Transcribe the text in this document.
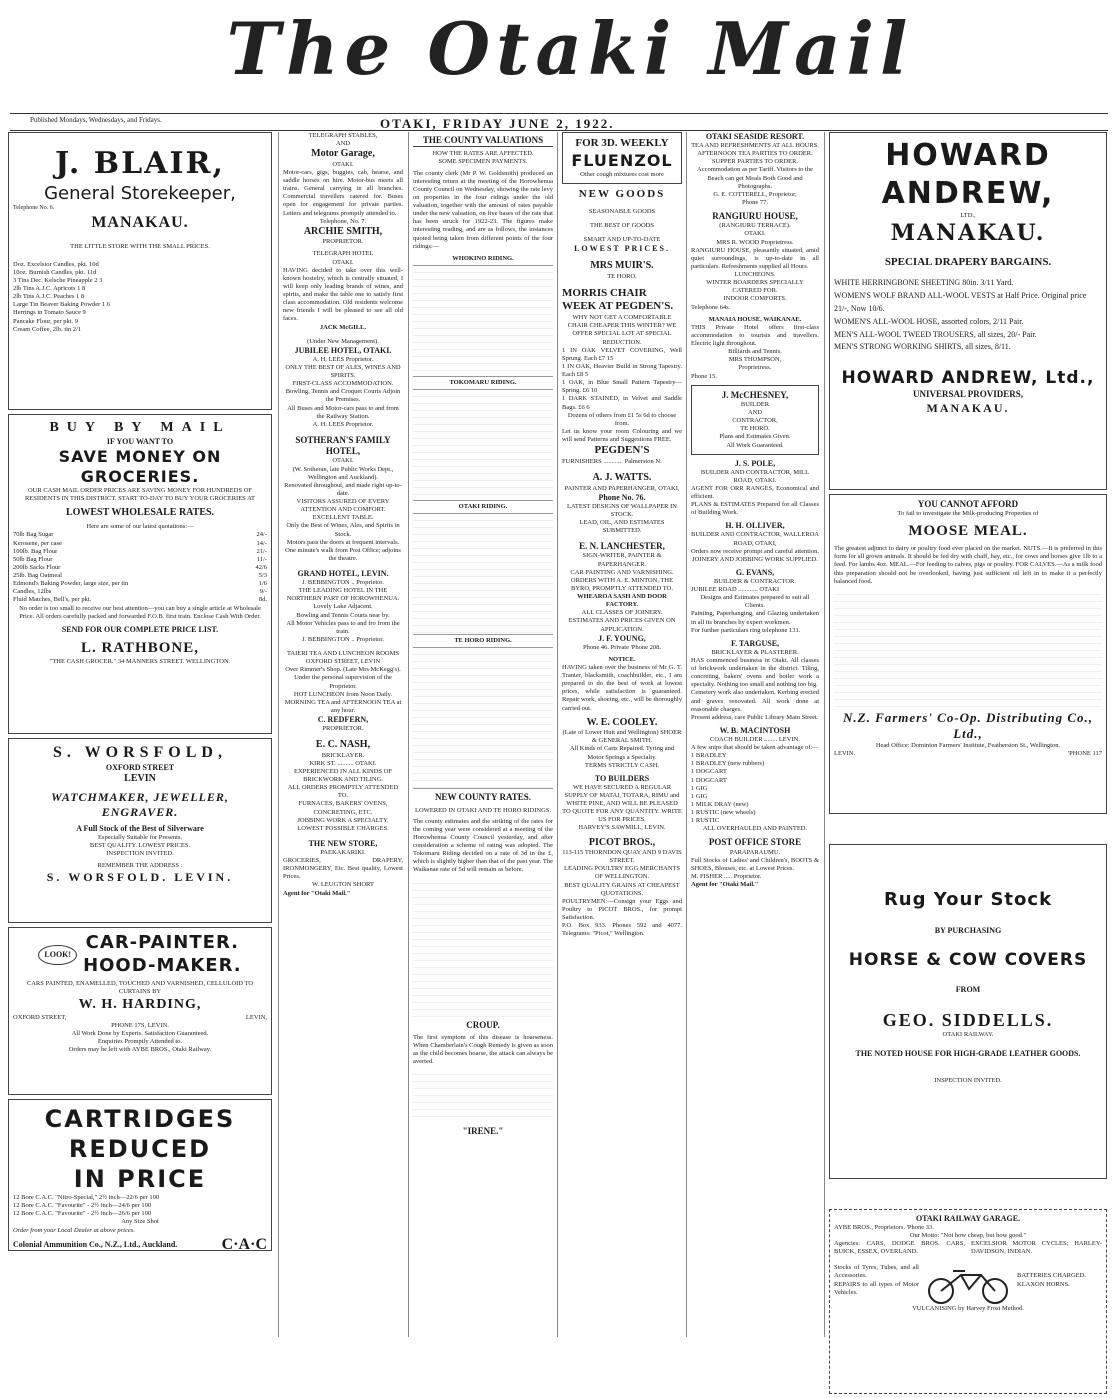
The Otaki Mail
Published Mondays, Wednesdays, and Fridays.	OTAKI, FRIDAY JUNE 2, 1922.
J. BLAIR,
General Storekeeper,
Telephone No. 6.
MANAKAU.
THE LITTLE STORE WITH THE SMALL PRICES.
Doz. Excelsior Candles, pkt. 10d
10oz. Burnish Candles, pkt. 11d
3 Tins Dec. Kelsche Pineapple 2 3
2lb Tins A.J.C. Apricots 1 8
2lb Tins A.J.C. Peaches 1 8
Large Tin Beaver Baking Powder 1 6
Herrings in Tomato Sauce 9
Pancake Flour, per pkt. 9
Cream Coffee, 2lb. tin 2/1
BUY BY MAIL
IF YOU WANT TO
SAVE MONEY ON
GROCERIES.
OUR CASH MAIL ORDER PRICES ARE SAVING MONEY FOR HUNDREDS OF RESIDENTS IN THIS DISTRICT. START TO-DAY TO BUY YOUR GROCERIES AT
LOWEST WHOLESALE RATES.
Here are some of our latest quotations:—
70lb Bag Sugar	24/-
Kerosene, per case	14/-
100lb. Bag Flour	21/-
50lb Bag Flour	11/-
200lb Sacks Flour	42/6
25lb. Bag Oatmeal	5/3
Edmond's Baking Powder, large size, per tin	1/6
Candles, 12lbs	9/-
Fluid Matches, Bell's, per pkt.	8d.
No order is too small to receive our best attention—you can buy a single article at Wholesale Price. All orders carefully packed and forwarded F.O.B. first train. Enclose Cash With Order.
SEND FOR OUR COMPLETE PRICE LIST.
L. RATHBONE,
"THE CASH GROCER." 34 MANNERS STREET. WELLINGTON.
S. WORSFOLD,
OXFORD STREET
LEVIN
WATCHMAKER, JEWELLER, ENGRAVER.
A Full Stock of the Best of Silverware
Especially Suitable for Presents.
BEST QUALITY. LOWEST PRICES.
INSPECTION INVITED.
REMEMBER THE ADDRESS :
S. WORSFOLD. LEVIN.
LOOK!
CAR-PAINTER.
HOOD-MAKER.
CARS PAINTED, ENAMELLED, TOUCHED AND VARNISHED, CELLULOID TO CURTAINS BY
W. H. HARDING,
OXFORD STREET,	LEVIN,
PHONE 17S, LEVIN.
All Work Done by Experts. Satisfaction Guaranteed.
Enquiries Promptly Attended to.
Orders may be left with AYBE BROS., Otaki Railway.
CARTRIDGES
REDUCED
IN PRICE
12 Bore C.A.C. "Nitro-Special," 2½ inch—22/6 per 100
12 Bore C.A.C. "Favourite" - 2½ inch—24/6 per 100
12 Bore C.A.C. "Favourite" - 2½ inch—26/6 per 100
Any Size Shot
Order from your Local Dealer at above prices.
Colonial Ammunition Co., N.Z., Ltd., Auckland.	C·A·C
TELEGRAPH STABLES,
AND
Motor Garage,
OTAKI.
Motor-cars, gigs, buggies, cab, hearse, and saddle horses on hire. Motor-bus meets all trains. General carrying in all branches. Commercial travellers catered for. Buses open for engagement for private parties. Letters and telegrams promptly attended to.
Telephone, No. 7.
ARCHIE SMITH,
PROPRIETOR.
TELEGRAPH HOTEL
OTAKI.
HAVING decided to take over this well-known hostelry, which is centrally situated, I will keep only leading brands of wines, and spirits, and make the table one to satisfy first class accommodation. Old residents welcome new friends I will be pleased to see all old faces.
JACK McGILL.
(Under New Management).
JUBILEE HOTEL, OTAKI.
A. H. LEES Proprietor.
ONLY THE BEST OF ALES, WINES AND SPIRITS.
FIRST-CLASS ACCOMMODATION.
Bowling, Tennis and Croquet Courts Adjoin the Premises.
All Buses and Motor-cars pass to and from the Railway Station.
A. H. LEES Proprietor.
SOTHERAN'S FAMILY HOTEL,
OTAKI.
(W. Sotheran, late Public Works Dept., Wellington and Auckland).
Renovated throughout, and made right up-to-date.
VISITORS ASSURED OF EVERY ATTENTION AND COMFORT.
EXCELLENT TABLE.
Only the Best of Wines, Ales, and Spirits in Stock.
Motors pass the doors at frequent intervals.
One minute's walk from Post Office; adjoins the theatre.
GRAND HOTEL, LEVIN.
J. BEBBINGTON .. Proprietor.
THE LEADING HOTEL IN THE NORTHERN PART OF HOROWHENUA.
Lovely Lake Adjacent.
Bowling and Tennis Courts near by.
All Motor Vehicles pass to and fro from the train.
J. BEBBINGTON .. Proprietor.
TAIERI TEA AND LUNCHEON ROOMS
OXFORD STREET, LEVIN
Over Rimmer's Shop. (Late Mrs McKegg's).
Under the personal supervision of the Proprietor.
HOT LUNCHEON from Noon Daily. MORNING TEA and AFTERNOON TEA at any hour.
C. REDFERN,
PROPRIETOR.
E. C. NASH,
BRICKLAYER.
KIRK ST. .......... OTAKI.
EXPERIENCED IN ALL KINDS OF BRICKWORK AND TILING.
ALL ORDERS PROMPTLY ATTENDED TO.
FURNACES, BAKERS' OVENS, CONCRETING, ETC.
JOBBING WORK A SPECIALTY.
LOWEST POSSIBLE CHARGES.
THE NEW STORE,
PAEKAKARIKI.
GROCERIES, DRAPERY, IRONMONGERY, Etc. Best quality, Lowest Prices.
W. LEUGTON SHORT
Agent for "Otaki Mail."
THE COUNTY VALUATIONS
HOW THE RATES ARE AFFECTED.
SOME SPECIMEN PAYMENTS.
The county clerk (Mr P. W. Goldsmith) produced an interesting return at the meeting of the Horowhenua County Council on Wednesday, showing the rate levy on properties in the four ridings under the old valuation, together with the amount of rates payable under the new valuation, on five bases of the rate that has been struck for 1922-23. The figures make interesting reading, and are as follows, the instances quoted being taken from different points of the four ridings:—
WHOKINO RIDING.
TOKOMARU RIDING.
OTAKI RIDING.
TE HORO RIDING.
NEW COUNTY RATES.
LOWERED IN OTAKI AND TE HORO RIDINGS.
The county estimates and the striking of the rates for the coming year were considered at a meeting of the Horowhenua County Council yesterday, and after consideration a scheme of rating was adopted. The Tokomaru Riding decided on a rate of 3d in the £, which is slightly higher than that of the past year. The Waikanae rate of 5d will remain as before.
CROUP.
The first symptom of this disease is hoarseness. When Chamberlain's Cough Remedy is given as soon as the child becomes hoarse, the attack can always be averted.
"IRENE."
FOR 3D. WEEKLY
FLUENZOL
Other cough mixtures cost more
NEW GOODS
SEASONABLE GOODS
THE BEST OF GOODS
SMART AND UP-TO-DATE
LOWEST PRICES.
MRS MUIR'S.
TE HORO.
MORRIS CHAIR WEEK AT PEGDEN'S.
WHY NOT GET A COMFORTABLE CHAIR CHEAPER THIS WINTER? WE OFFER SPECIAL LOT AT SPECIAL REDUCTION.
1 IN OAK VELVET COVERING, Well Sprung. Each £7 15
1 IN OAK, Heavier Build in Strong Tapestry. Each £8 5
1 OAK, in Blue Small Pattern Tapestry—Spring. £6 10
1 DARK STAINED, in Velvet and Saddle Bags. £6 6
Dozens of others from £1 5s 6d to choose from.
Let us know your room Colouring and we will send Patterns and Suggestions FREE.
PEGDEN'S
FURNISHERS ............ Palmerston N.
A. J. WATTS.
PAINTER AND PAPERHANGER, OTAKI,
Phone No. 76.
LATEST DESIGNS OF WALLPAPER IN STOCK.
LEAD, OIL, AND ESTIMATES SUBMITTED.
E. N. LANCHESTER,
SIGN-WRITER, PAINTER & PAPERHANGER.
CAR PAINTING AND VARNISHING.
ORDERS WITH A. E. MINTON, THE BYRO, PROMPTLY ATTENDED TO.
WHEAROA SASH AND DOOR FACTORY.
ALL CLASSES OF JOINERY.
ESTIMATES AND PRICES GIVEN ON APPLICATION.
J. F. YOUNG,
Phone 46. Private 'Phone 208.
NOTICE.
HAVING taken over the business of Mr G. T. Tranter, blacksmith, coachbuilder, etc., I am prepared to do the best of work at lowest prices, while satisfaction is guaranteed. Repair work, shoeing, etc., will be thoroughly carried out.
W. E. COOLEY.
(Late of Lower Hutt and Wellington) SHOER & GENERAL SMITH.
All Kinds of Carts Repaired. Tyring and Motor Springs a Specialty.
TERMS STRICTLY CASH.
TO BUILDERS
WE HAVE SECURED A REGULAR SUPPLY OF MATAI, TOTARA, RIMU and WHITE PINE, AND WILL BE PLEASED TO QUOTE FOR ANY QUANTITY. WRITE US FOR PRICES.
HARVEY'S SAWMILL, LEVIN.
PICOT BROS.,
113-115 THORNDON QUAY AND 9 DAVIS STREET.
LEADING POULTRY EGG MERCHANTS OF WELLINGTON.
BEST QUALITY GRAINS AT CHEAPEST QUOTATIONS.
POULTRYMEN:—Consign your Eggs and Poultry to PICOT BROS., for prompt Satisfaction.
P.O. Box 933. Phones 592 and 4077. Telegrams: "Picot," Wellington.
OTAKI SEASIDE RESORT.
TEA AND REFRESHMENTS AT ALL HOURS.
AFTERNOON TEA PARTIES TO ORDER.
SUPPER PARTIES TO ORDER.
Accommodation as per Tariff. Visitors to the Beach can get Meals Both Good and Photographs.
G. E. COTTERELL, Proprietor,
Phone 77.
RANGIURU HOUSE,
(RANGIURU TERRACE).
OTAKI.
MRS R. WOOD Proprietress.
RANGIURU HOUSE, pleasantly situated, amid quiet surroundings, is up-to-date in all particulars. Refreshments supplied all Hours.
LUNCHEONS.
WINTER BOARDERS SPECIALLY CATERED FOR.
INDOOR COMFORTS.
Telephone 64s.
MANAIA HOUSE, WAIKANAE.
THIS Private Hotel offers first-class accommodation to tourists and travellers. Electric light throughout.
Billiards and Tennis.
MRS THOMPSON,
Proprietress.
Phone 15.
J. McCHESNEY,
BUILDER
AND
CONTRACTOR,
TE HORO.
Plans and Estimates Given.
All Work Guaranteed.
J. S. POLE,
BUILDER AND CONTRACTOR, MILL ROAD, OTAKI.
AGENT FOR ORR RANGES, Economical and efficient.
PLANS & ESTIMATES Prepared for all Classes of Building Work.
H. H. OLLIVER,
BUILDER AND CONTRACTOR, WALLEROA ROAD, OTAKI,
Orders now receive prompt and careful attention.
JOINERY AND JOBBING WORK SUPPLIED.
G. EVANS,
BUILDER & CONTRACTOR.
JUBILEE ROAD ............ OTAKI
Designs and Estimates prepared to suit all Clients.
Painting, Paperhanging, and Glazing undertaken in all its branches by expert workmen.
For further particulars ring telephone 131.
F. TARGUSE,
BRICKLAYER & PLASTERER.
HAS commenced business in Otaki. All classes of brickwork undertaken in the district. Tiling, concreting, bakers' ovens and boiler work a specialty. Nothing too small and nothing too big.
Cemetery work also undertaken. Kerbing erected and graves renovated. All work done at reasonable charges.
Present address, care Public Library Main Street.
W. B. MACINTOSH
COACH BUILDER ........ LEVIN.
A few snips that should be taken advantage of:—
1 BRADLEY
1 BRADLEY (new rubbers)
1 DOGCART
1 DOGCART
1 GIG
1 GIG
1 MILK DRAY (new)
1 RUSTIC (new wheels)
1 RUSTIC
ALL OVERHAULED AND PAINTED.
POST OFFICE STORE
PARAPARAUMU.
Full Stocks of Ladies' and Children's, BOOTS & SHOES, Blouses, etc. at Lowest Prices.
M. FISHER ..... Proprietor.
Agent for "Otaki Mail."
HOWARD ANDREW,
LTD.,
MANAKAU.
SPECIAL DRAPERY BARGAINS.
WHITE HERRINGBONE SHEETING 80in. 3/11 Yard.
WOMEN'S WOLF BRAND ALL-WOOL VESTS at Half Price. Original price 21/-, Now 10/6.
WOMEN'S ALL-WOOL HOSE, assorted colors, 2/11 Pair.
MEN'S ALL-WOOL TWEED TROUSERS, all sizes, 20/- Pair.
MEN'S STRONG WORKING SHIRTS, all sizes, 8/11.
HOWARD ANDREW, Ltd.,
UNIVERSAL PROVIDERS,
MANAKAU.
YOU CANNOT AFFORD
To fail to investigate the Milk-producing Properties of
MOOSE MEAL.
The greatest adjunct to dairy or poultry food ever placed on the market. NUTS.—It is preferred in this form for all grown animals. It should be fed dry with chaff, hay, etc., for cows and horses give 1lb to a feed. For lambs 4oz. MEAL.—For feeding to calves, pigs or poultry. FOR CALVES.—As a milk food this preparation should not be overlooked, having just sufficient oil left in to make it a perfectly balanced food.
N.Z. Farmers' Co-Op. Distributing Co., Ltd.,
Head Office: Dominion Farmers' Institute, Featherston St., Wellington.
LEVIN.	'PHONE 117
Rug Your Stock
BY PURCHASING
HORSE & COW COVERS
FROM
GEO. SIDDELLS.
OTAKI RAILWAY.
THE NOTED HOUSE FOR HIGH-GRADE LEATHER GOODS.
INSPECTION INVITED.
OTAKI RAILWAY GARAGE.
AYBE BROS., Proprietors. 'Phone 33.
Our Motto: "Not how cheap, but how good."
Agencies: CARS, DODGE BROS. CARS, BUICK, ESSEX, OVERLAND.
EXCELSIOR MOTOR CYCLES; HARLEY-DAVIDSON, INDIAN.
Stocks of Tyres, Tubes, and all Accessories.
REPAIRS to all types of Motor Vehicles.
BATTERIES CHARGED.
KLAXON HORNS.
VULCANISING by Harvey Frost Method.
